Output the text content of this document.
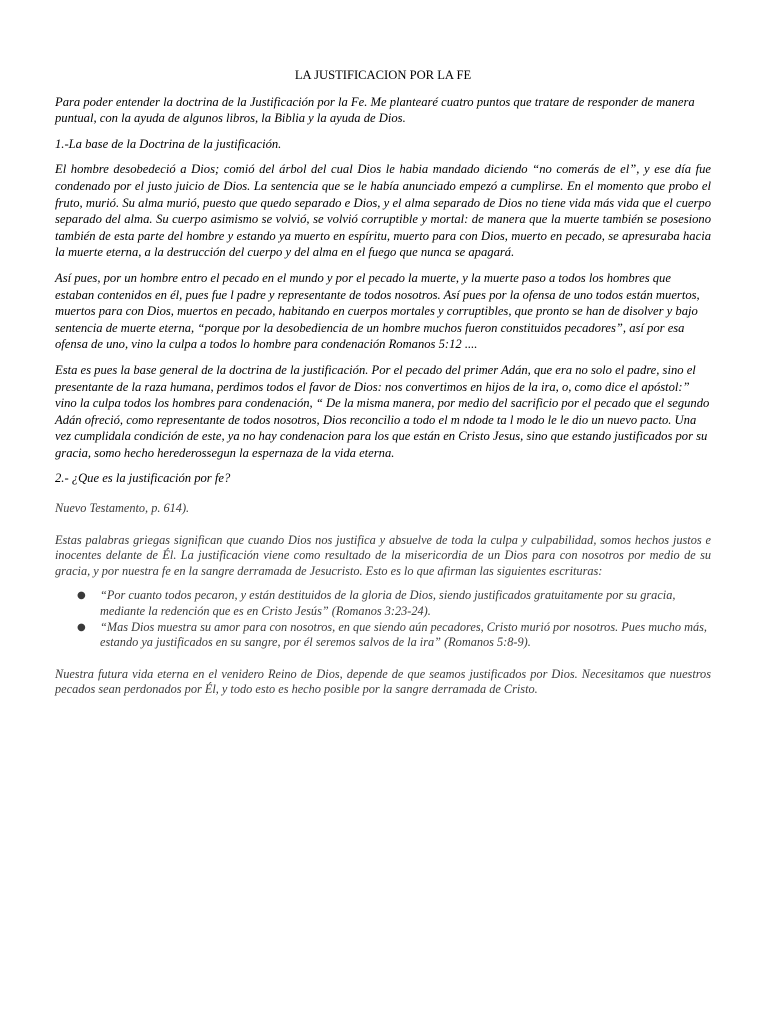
LA JUSTIFICACION POR LA FE

Para poder entender la doctrina de la Justificación por la Fe. Me plantearé cuatro puntos que tratare de responder de manera puntual, con la ayuda de algunos libros, la Biblia y la ayuda de Dios.

1.-La base de la Doctrina de la justificación.

El hombre desobedeció a Dios; comió del árbol del cual Dios le habia mandado diciendo “no comerás de el”, y ese día fue condenado por el justo juicio de Dios. La sentencia que se le había anunciado empezó a cumplirse. En el momento que probo el fruto, murió. Su alma murió, puesto que quedo separado e Dios, y el alma separado de Dios no tiene vida más vida que el cuerpo separado del alma. Su cuerpo asimismo se volvió, se volvió corruptible y mortal: de manera que la muerte también se posesiono también de esta parte del hombre y estando ya muerto en espíritu, muerto para con Dios, muerto en pecado, se apresuraba hacia la muerte eterna, a la destrucción del cuerpo y del alma en el fuego que nunca se apagará.

Así pues, por un hombre entro el pecado en el mundo y por el pecado la muerte, y la muerte paso a todos los hombres que estaban contenidos en él, pues fue l padre y representante de todos nosotros. Así pues por la ofensa de uno todos están muertos, muertos para con Dios, muertos en pecado, habitando en cuerpos mortales y corruptibles, que pronto se han de disolver y bajo sentencia de muerte eterna, “porque por la desobediencia de un hombre muchos fueron constituidos pecadores”, así por esa ofensa de uno, vino la culpa a todos lo hombre para condenación Romanos 5:12 ....

Esta es pues la base general de la doctrina de la justificación. Por el pecado del primer Adán, que era no solo el padre, sino el presentante de la raza humana, perdimos todos el favor de Dios: nos convertimos en hijos de la ira, o, como dice el apóstol:” vino la culpa todos los hombres para condenación, “ De la misma manera, por medio del sacrificio por el pecado que el segundo Adán ofreció, como representante de todos nosotros, Dios reconcilio a todo el m ndode ta l modo le le dio un nuevo pacto. Una vez cumplidala condición de este, ya no hay condenacion para los que están en Cristo Jesus, sino que estando justificados por su gracia, somo hecho herederossegun la espernaza de la vida eterna.

2.- ¿Que es la justificación por fe?

Nuevo Testamento, p. 614).

Estas palabras griegas significan que cuando Dios nos justifica y absuelve de toda la culpa y culpabilidad, somos hechos justos e inocentes delante de Él. La justificación viene como resultado de la misericordia de un Dios para con nosotros por medio de su gracia, y por nuestra fe en la sangre derramada de Jesucristo. Esto es lo que afirman las siguientes escrituras:

● “Por cuanto todos pecaron, y están destituidos de la gloria de Dios, siendo justificados gratuitamente por su gracia, mediante la redención que es en Cristo Jesús” (Romanos 3:23-24).
● “Mas Dios muestra su amor para con nosotros, en que siendo aún pecadores, Cristo murió por nosotros. Pues mucho más, estando ya justificados en su sangre, por él seremos salvos de la ira” (Romanos 5:8-9).

Nuestra futura vida eterna en el venidero Reino de Dios, depende de que seamos justificados por Dios. Necesitamos que nuestros pecados sean perdonados por Él, y todo esto es hecho posible por la sangre derramada de Cristo.
